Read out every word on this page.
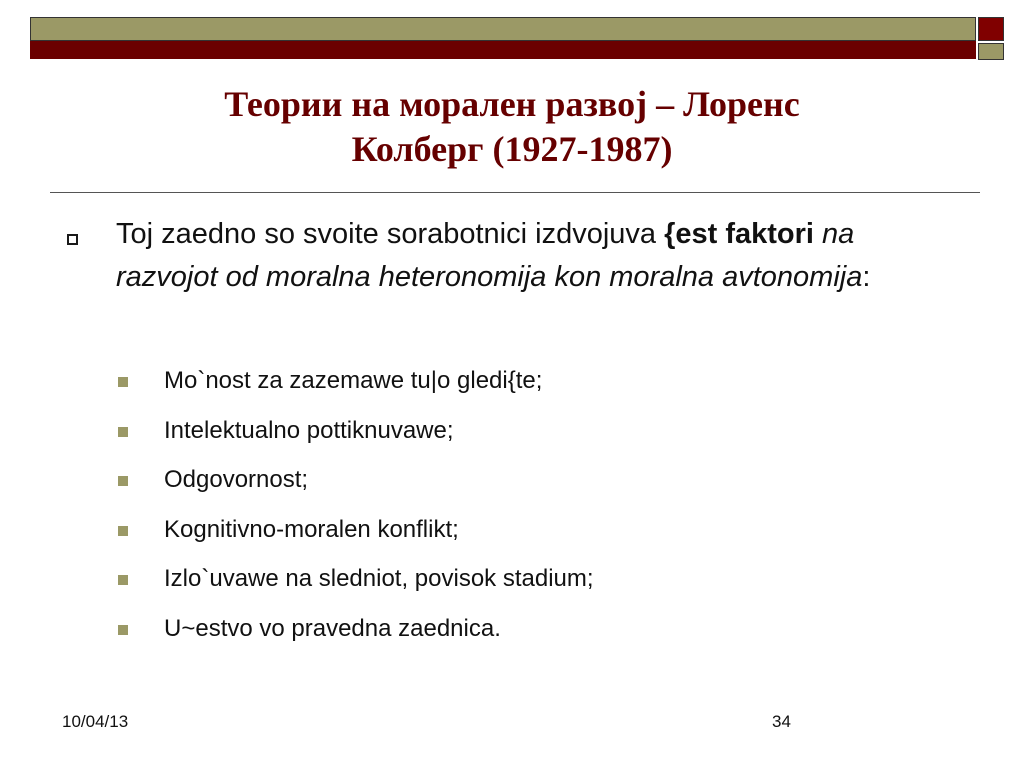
Теории на морален развој – Лоренс
Колберг (1927-1987)

Toj zaedno so svoite sorabotnici izdvojuva {est faktori na razvojot od moralna heteronomija kon moralna avtonomija:

Mo`nost za zazemawe tu|o gledi{te;
Intelektualno pottiknuvawe;
Odgovornost;
Kognitivno-moralen konflikt;
Izlo`uvawe na sledniot, povisok stadium;
U~estvo vo pravedna zaednica.
10/04/13	34
